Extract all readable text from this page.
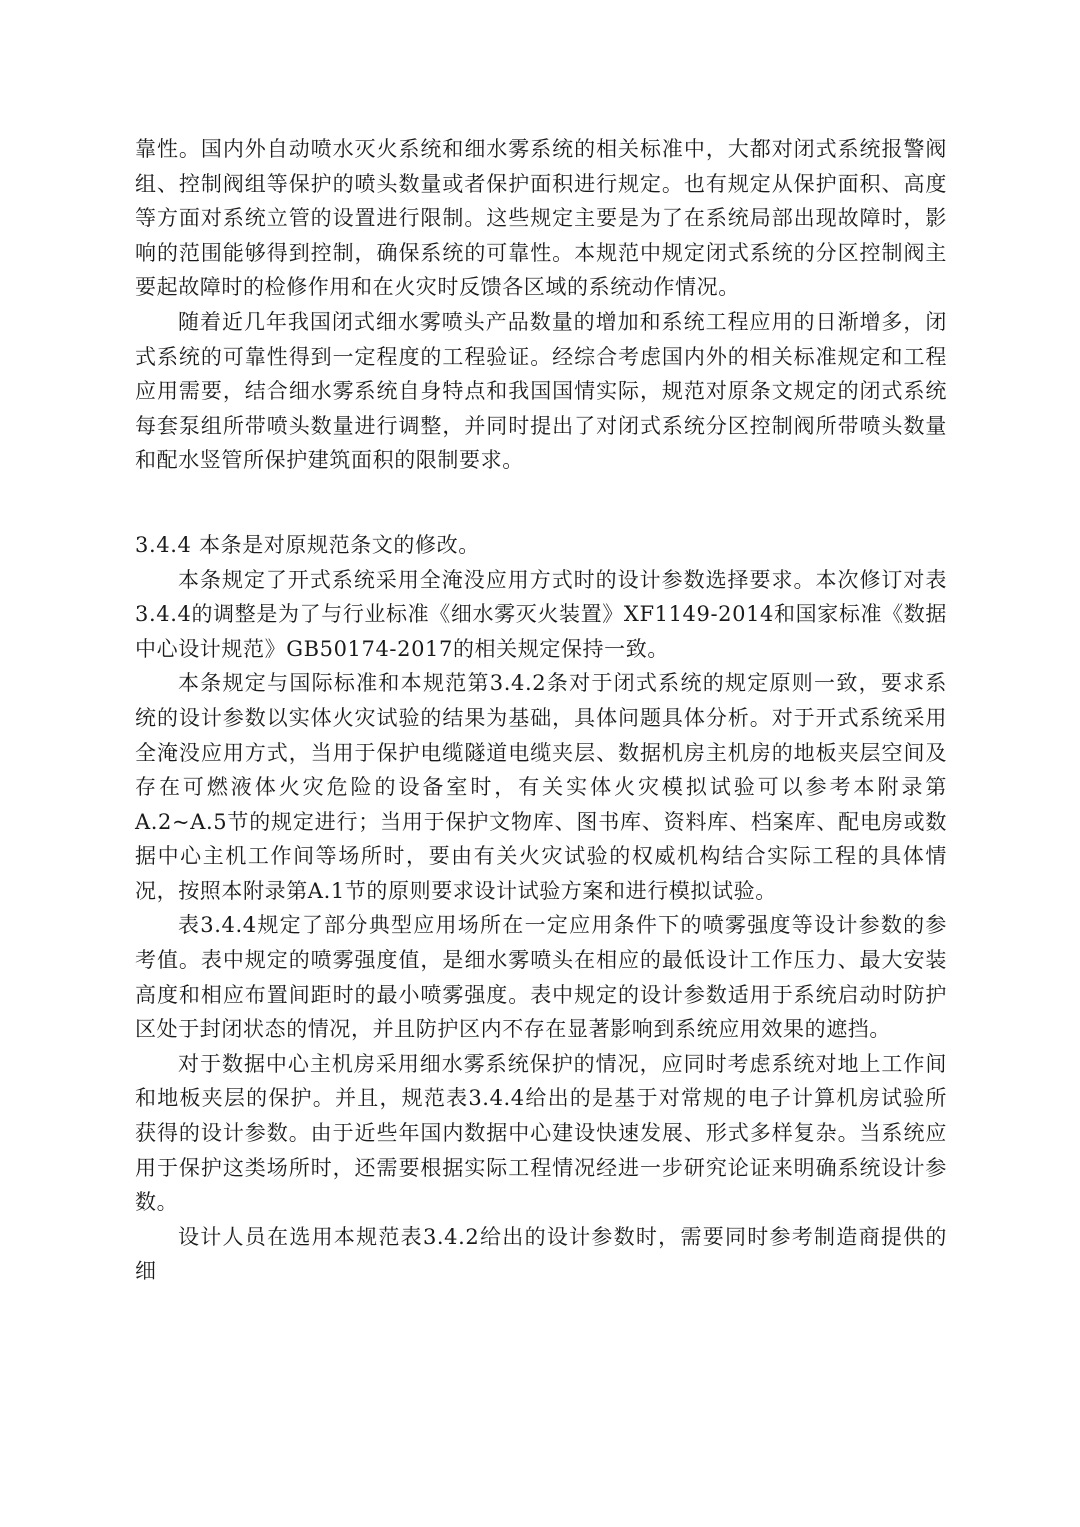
靠性。国内外自动喷水灭火系统和细水雾系统的相关标准中，大都对闭式系统报警阀组、控制阀组等保护的喷头数量或者保护面积进行规定。也有规定从保护面积、高度等方面对系统立管的设置进行限制。这些规定主要是为了在系统局部出现故障时，影响的范围能够得到控制，确保系统的可靠性。本规范中规定闭式系统的分区控制阀主要起故障时的检修作用和在火灾时反馈各区域的系统动作情况。

随着近几年我国闭式细水雾喷头产品数量的增加和系统工程应用的日渐增多，闭式系统的可靠性得到一定程度的工程验证。经综合考虑国内外的相关标准规定和工程应用需要，结合细水雾系统自身特点和我国国情实际，规范对原条文规定的闭式系统每套泵组所带喷头数量进行调整，并同时提出了对闭式系统分区控制阀所带喷头数量和配水竖管所保护建筑面积的限制要求。

3.4.4 本条是对原规范条文的修改。

本条规定了开式系统采用全淹没应用方式时的设计参数选择要求。本次修订对表3.4.4的调整是为了与行业标准《细水雾灭火装置》XF1149-2014和国家标准《数据中心设计规范》GB50174-2017的相关规定保持一致。

本条规定与国际标准和本规范第3.4.2条对于闭式系统的规定原则一致，要求系统的设计参数以实体火灾试验的结果为基础，具体问题具体分析。对于开式系统采用全淹没应用方式，当用于保护电缆隧道电缆夹层、数据机房主机房的地板夹层空间及存在可燃液体火灾危险的设备室时，有关实体火灾模拟试验可以参考本附录第A.2~A.5节的规定进行；当用于保护文物库、图书库、资料库、档案库、配电房或数据中心主机工作间等场所时，要由有关火灾试验的权威机构结合实际工程的具体情况，按照本附录第A.1节的原则要求设计试验方案和进行模拟试验。

表3.4.4规定了部分典型应用场所在一定应用条件下的喷雾强度等设计参数的参考值。表中规定的喷雾强度值，是细水雾喷头在相应的最低设计工作压力、最大安装高度和相应布置间距时的最小喷雾强度。表中规定的设计参数适用于系统启动时防护区处于封闭状态的情况，并且防护区内不存在显著影响到系统应用效果的遮挡。

对于数据中心主机房采用细水雾系统保护的情况，应同时考虑系统对地上工作间和地板夹层的保护。并且，规范表3.4.4给出的是基于对常规的电子计算机房试验所获得的设计参数。由于近些年国内数据中心建设快速发展、形式多样复杂。当系统应用于保护这类场所时，还需要根据实际工程情况经进一步研究论证来明确系统设计参数。

设计人员在选用本规范表3.4.2给出的设计参数时，需要同时参考制造商提供的细
